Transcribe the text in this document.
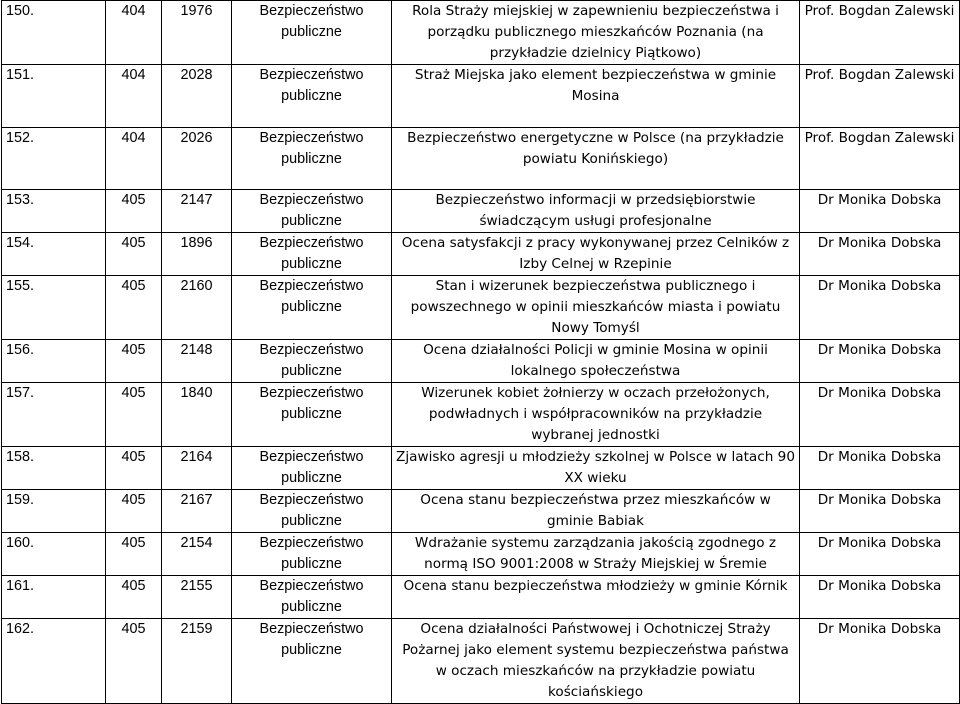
150.	404	1976	Bezpieczeństwo publiczne	Rola Straży miejskiej w zapewnieniu bezpieczeństwa i porządku publicznego mieszkańców Poznania (na przykładzie dzielnicy Piątkowo)	Prof. Bogdan Zalewski
151.	404	2028	Bezpieczeństwo publiczne	Straż Miejska jako element bezpieczeństwa w gminie Mosina	Prof. Bogdan Zalewski
152.	404	2026	Bezpieczeństwo publiczne	Bezpieczeństwo energetyczne w Polsce (na przykładzie powiatu Konińskiego)	Prof. Bogdan Zalewski
153.	405	2147	Bezpieczeństwo publiczne	Bezpieczeństwo informacji w przedsiębiorstwie świadczącym usługi profesjonalne	Dr Monika Dobska
154.	405	1896	Bezpieczeństwo publiczne	Ocena satysfakcji z pracy wykonywanej przez Celników z Izby Celnej w Rzepinie	Dr Monika Dobska
155.	405	2160	Bezpieczeństwo publiczne	Stan i wizerunek bezpieczeństwa publicznego i powszechnego w opinii mieszkańców miasta i powiatu Nowy Tomyśl	Dr Monika Dobska
156.	405	2148	Bezpieczeństwo publiczne	Ocena działalności Policji w gminie Mosina w opinii lokalnego społeczeństwa	Dr Monika Dobska
157.	405	1840	Bezpieczeństwo publiczne	Wizerunek kobiet żołnierzy w oczach przełożonych, podwładnych i współpracowników na przykładzie wybranej jednostki	Dr Monika Dobska
158.	405	2164	Bezpieczeństwo publiczne	Zjawisko agresji u młodzieży szkolnej w Polsce w latach 90 XX wieku	Dr Monika Dobska
159.	405	2167	Bezpieczeństwo publiczne	Ocena stanu bezpieczeństwa przez mieszkańców w gminie Babiak	Dr Monika Dobska
160.	405	2154	Bezpieczeństwo publiczne	Wdrażanie systemu zarządzania jakością zgodnego z normą ISO 9001:2008 w Straży Miejskiej w Śremie	Dr Monika Dobska
161.	405	2155	Bezpieczeństwo publiczne	Ocena stanu bezpieczeństwa młodzieży w gminie Kórnik	Dr Monika Dobska
162.	405	2159	Bezpieczeństwo publiczne	Ocena działalności Państwowej i Ochotniczej Straży Pożarnej jako element systemu bezpieczeństwa państwa w oczach mieszkańców na przykładzie powiatu kościańskiego	Dr Monika Dobska
